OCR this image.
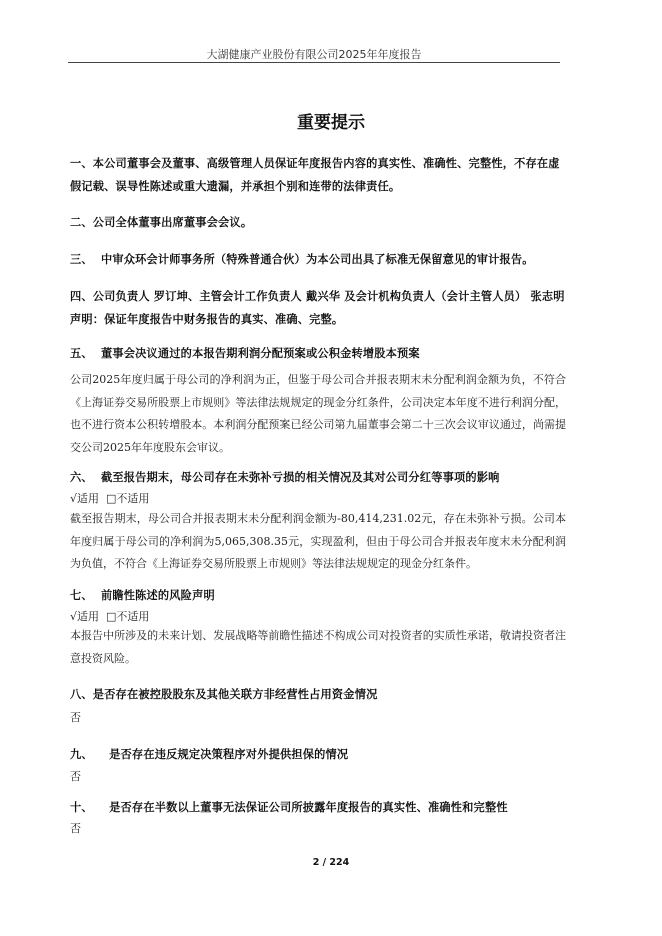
大湖健康产业股份有限公司2025年年度报告
重要提示
一、本公司董事会及董事、高级管理人员保证年度报告内容的真实性、准确性、完整性，不存在虚假记载、误导性陈述或重大遗漏，并承担个别和连带的法律责任。
二、公司全体董事出席董事会会议。
三、  中审众环会计师事务所（特殊普通合伙）为本公司出具了标准无保留意见的审计报告。
四、公司负责人 罗订坤、主管会计工作负责人 戴兴华 及会计机构负责人（会计主管人员） 张志明 声明：保证年度报告中财务报告的真实、准确、完整。
五、  董事会决议通过的本报告期利润分配预案或公积金转增股本预案
公司2025年度归属于母公司的净利润为正，但鉴于母公司合并报表期末未分配利润金额为负，不符合《上海证券交易所股票上市规则》等法律法规规定的现金分红条件，公司决定本年度不进行利润分配，也不进行资本公积转增股本。本利润分配预案已经公司第九届董事会第二十三次会议审议通过，尚需提交公司2025年年度股东会审议。
六、  截至报告期末，母公司存在未弥补亏损的相关情况及其对公司分红等事项的影响
√适用  □不适用
截至报告期末，母公司合并报表期末未分配利润金额为-80,414,231.02元，存在未弥补亏损。公司本年度归属于母公司的净利润为5,065,308.35元，实现盈利，但由于母公司合并报表年度末未分配利润为负值，不符合《上海证券交易所股票上市规则》等法律法规规定的现金分红条件。
七、  前瞻性陈述的风险声明
√适用  □不适用
本报告中所涉及的未来计划、发展战略等前瞻性描述不构成公司对投资者的实质性承诺，敬请投资者注意投资风险。
八、是否存在被控股股东及其他关联方非经营性占用资金情况
否
九、    是否存在违反规定决策程序对外提供担保的情况
否
十、    是否存在半数以上董事无法保证公司所披露年度报告的真实性、准确性和完整性
否
2 / 224
